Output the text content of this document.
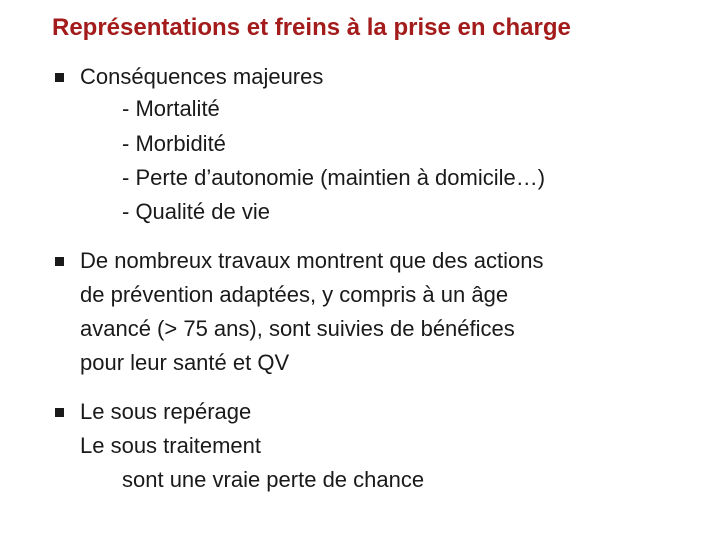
Représentations et freins à la prise en charge
Conséquences majeures
- Mortalité
- Morbidité
- Perte d’autonomie (maintien à domicile…)
- Qualité de vie
De nombreux travaux montrent que des actions
de prévention adaptées, y compris à un âge
avancé (> 75 ans), sont suivies de bénéfices
pour leur santé et QV
Le sous repérage
Le sous traitement
sont une vraie perte de chance
